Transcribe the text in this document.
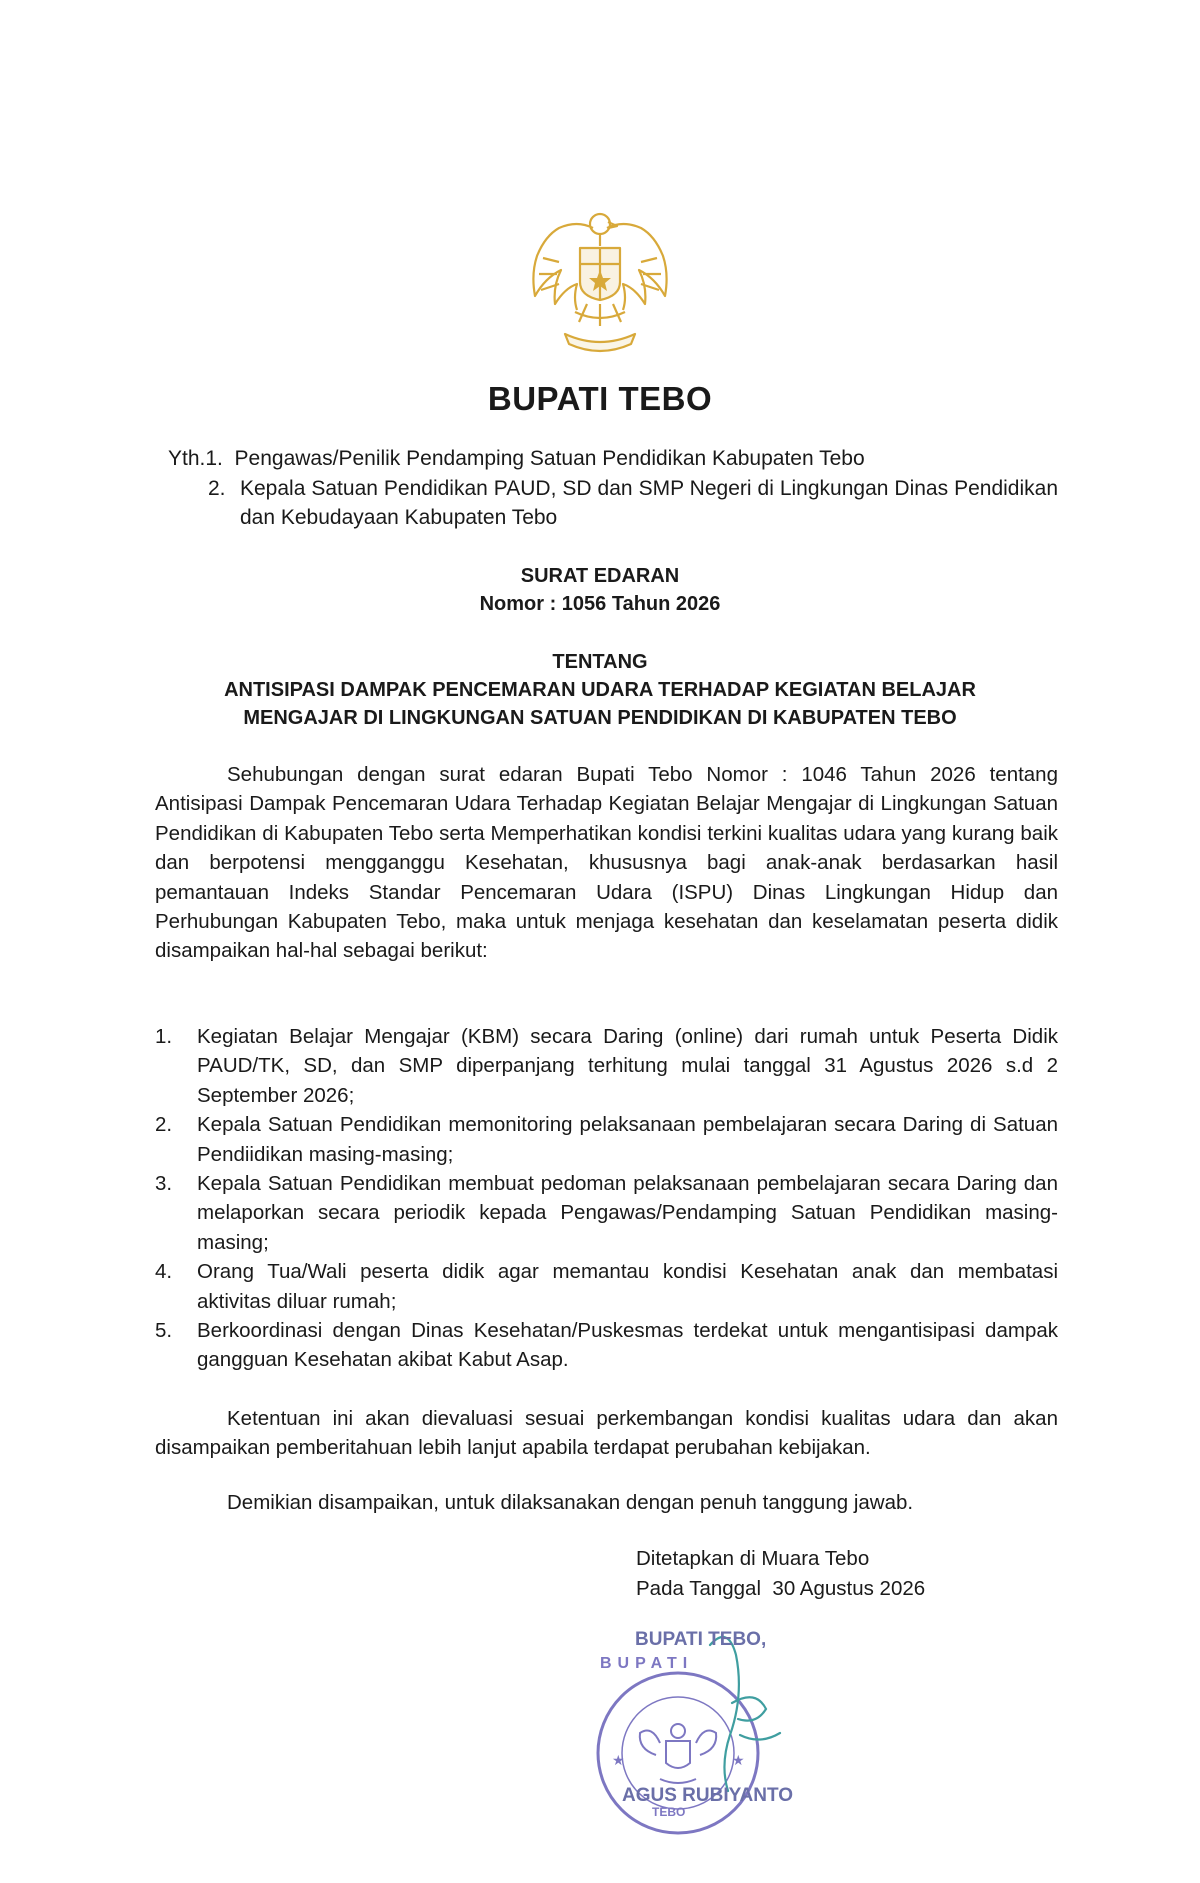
BUPATI TEBO
Yth.1. Pengawas/Penilik Pendamping Satuan Pendidikan Kabupaten Tebo
2. Kepala Satuan Pendidikan PAUD, SD dan SMP Negeri di Lingkungan Dinas Pendidikan dan Kebudayaan Kabupaten Tebo
SURAT EDARAN
Nomor : 1056 Tahun 2026
TENTANG
ANTISIPASI DAMPAK PENCEMARAN UDARA TERHADAP KEGIATAN BELAJAR
MENGAJAR DI LINGKUNGAN SATUAN PENDIDIKAN DI KABUPATEN TEBO
Sehubungan dengan surat edaran Bupati Tebo Nomor : 1046 Tahun 2026 tentang Antisipasi Dampak Pencemaran Udara Terhadap Kegiatan Belajar Mengajar di Lingkungan Satuan Pendidikan di Kabupaten Tebo serta Memperhatikan kondisi terkini kualitas udara yang kurang baik dan berpotensi mengganggu Kesehatan, khususnya bagi anak-anak berdasarkan hasil pemantauan Indeks Standar Pencemaran Udara (ISPU) Dinas Lingkungan Hidup dan Perhubungan Kabupaten Tebo, maka untuk menjaga kesehatan dan keselamatan peserta didik disampaikan hal-hal sebagai berikut:
1. Kegiatan Belajar Mengajar (KBM) secara Daring (online) dari rumah untuk Peserta Didik PAUD/TK, SD, dan SMP diperpanjang terhitung mulai tanggal 31 Agustus 2026 s.d 2 September 2026;
2. Kepala Satuan Pendidikan memonitoring pelaksanaan pembelajaran secara Daring di Satuan Pendiidikan masing-masing;
3. Kepala Satuan Pendidikan membuat pedoman pelaksanaan pembelajaran secara Daring dan melaporkan secara periodik kepada Pengawas/Pendamping Satuan Pendidikan masing-masing;
4. Orang Tua/Wali peserta didik agar memantau kondisi Kesehatan anak dan membatasi aktivitas diluar rumah;
5. Berkoordinasi dengan Dinas Kesehatan/Puskesmas terdekat untuk mengantisipasi dampak gangguan Kesehatan akibat Kabut Asap.
Ketentuan ini akan dievaluasi sesuai perkembangan kondisi kualitas udara dan akan disampaikan pemberitahuan lebih lanjut apabila terdapat perubahan kebijakan.
Demikian disampaikan, untuk dilaksanakan dengan penuh tanggung jawab.
Ditetapkan di Muara Tebo
Pada Tanggal 30 Agustus 2026
★	★
BUPATI TEBO,
BUPATI
AGUS RUBIYANTO
TEBO
